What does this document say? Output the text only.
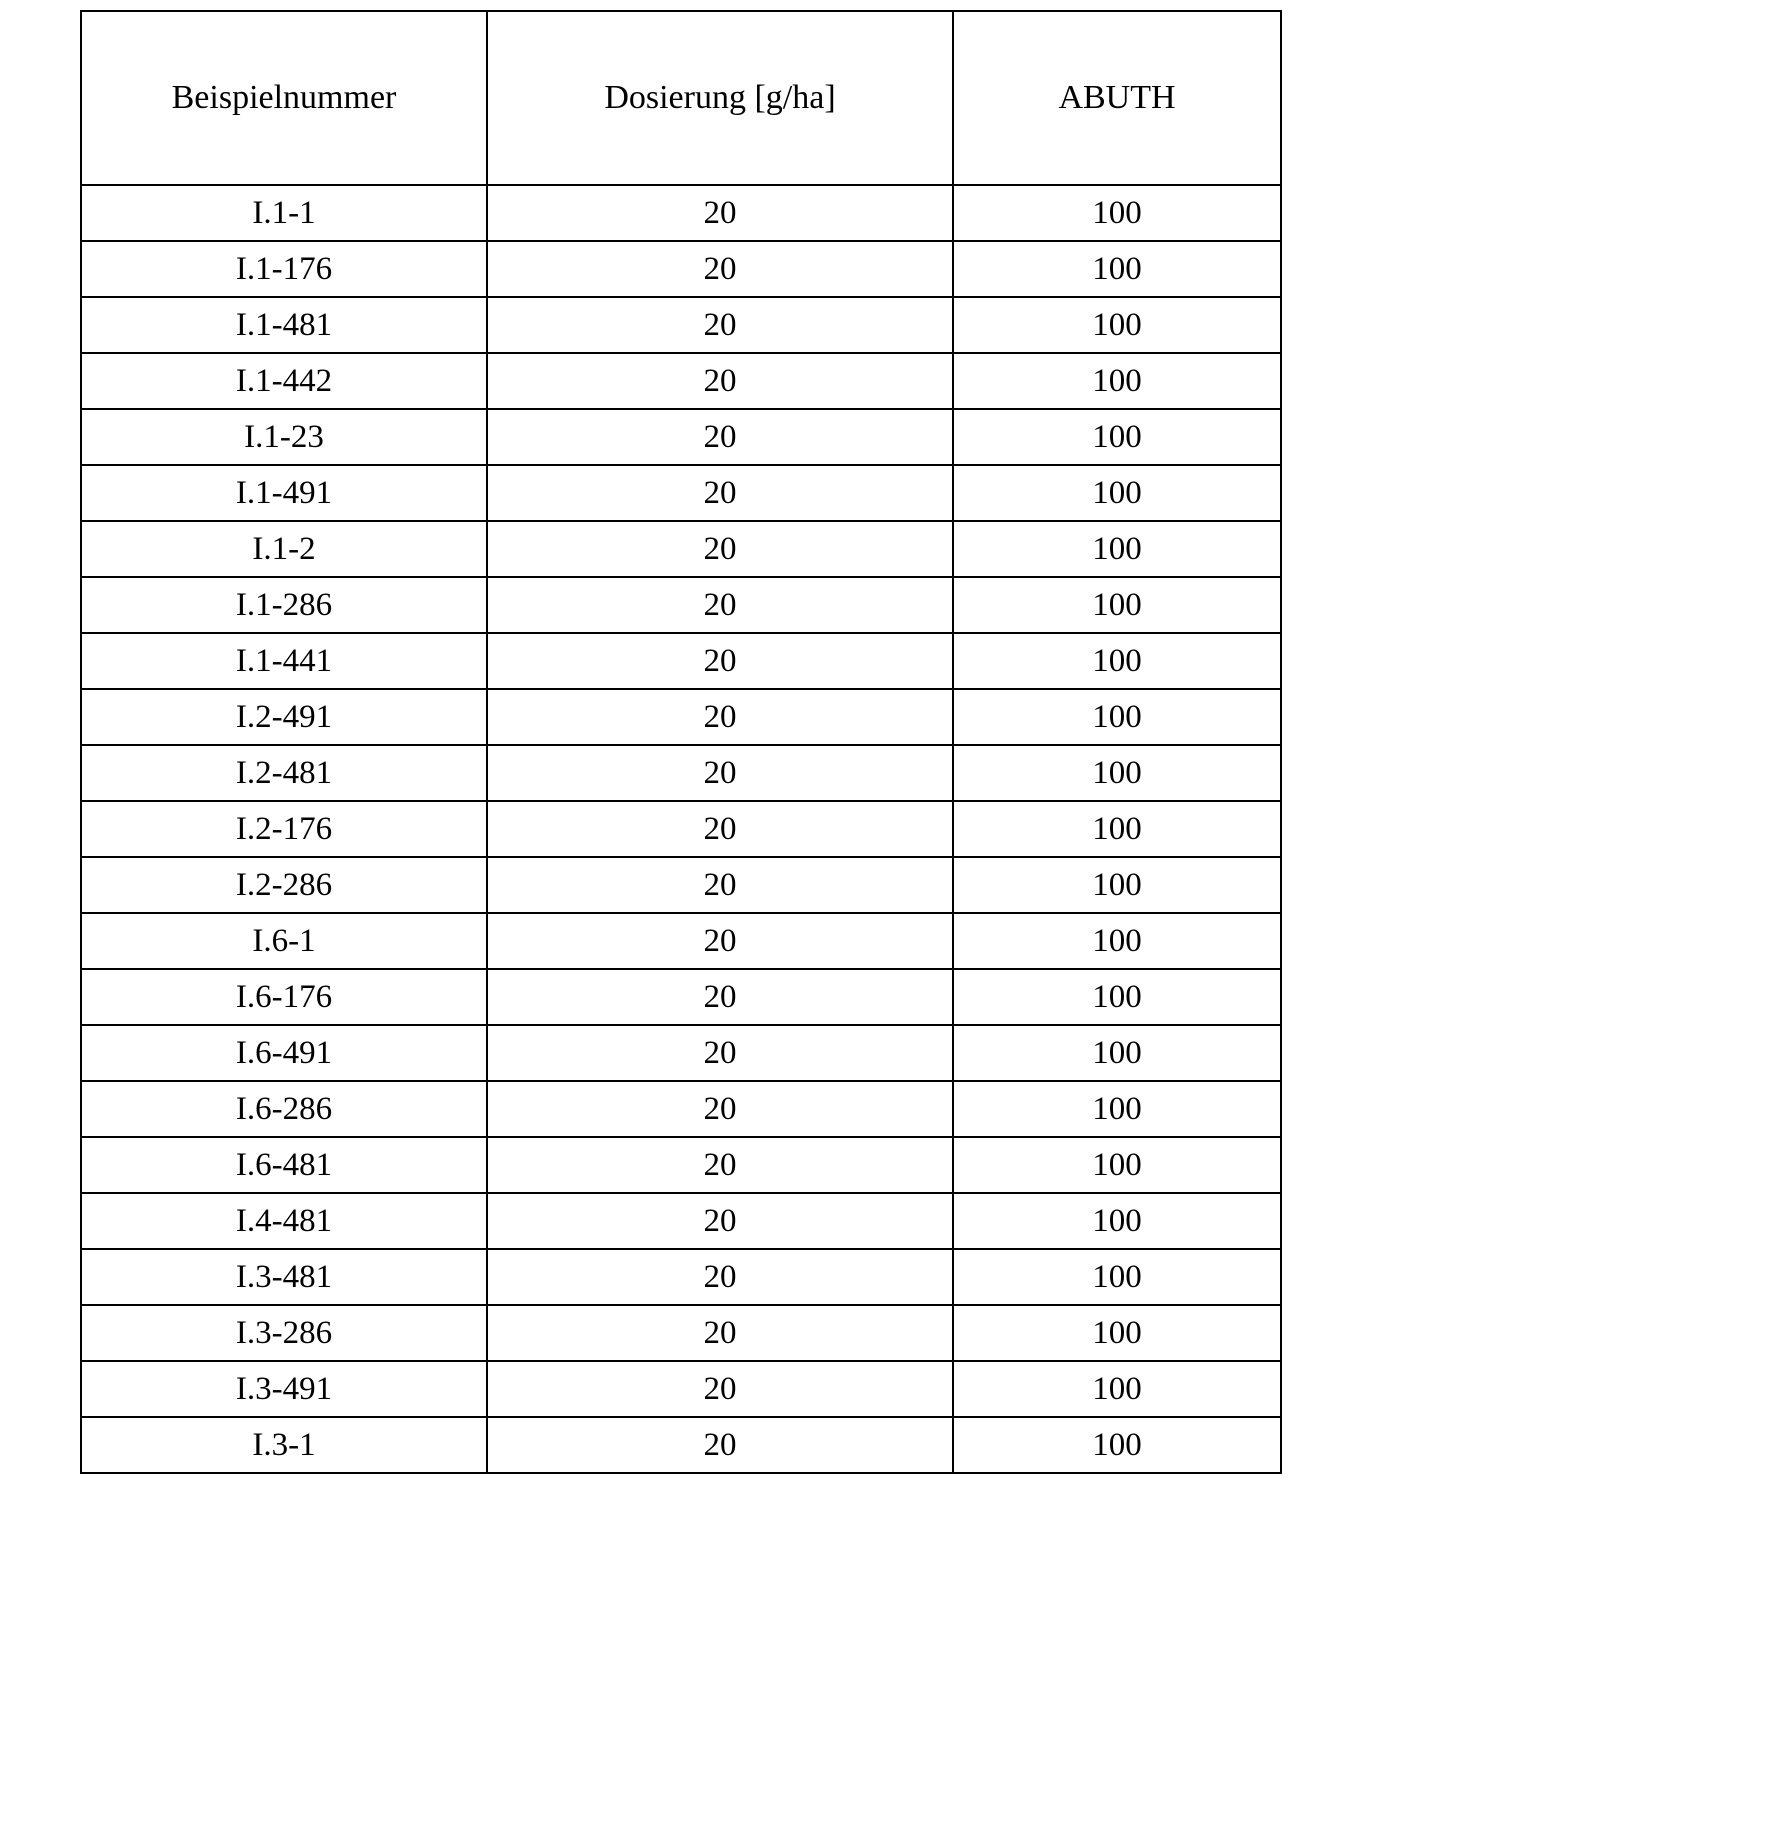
Beispielnummer	Dosierung [g/ha]	ABUTH
I.1-1	20	100
I.1-176	20	100
I.1-481	20	100
I.1-442	20	100
I.1-23	20	100
I.1-491	20	100
I.1-2	20	100
I.1-286	20	100
I.1-441	20	100
I.2-491	20	100
I.2-481	20	100
I.2-176	20	100
I.2-286	20	100
I.6-1	20	100
I.6-176	20	100
I.6-491	20	100
I.6-286	20	100
I.6-481	20	100
I.4-481	20	100
I.3-481	20	100
I.3-286	20	100
I.3-491	20	100
I.3-1	20	100
